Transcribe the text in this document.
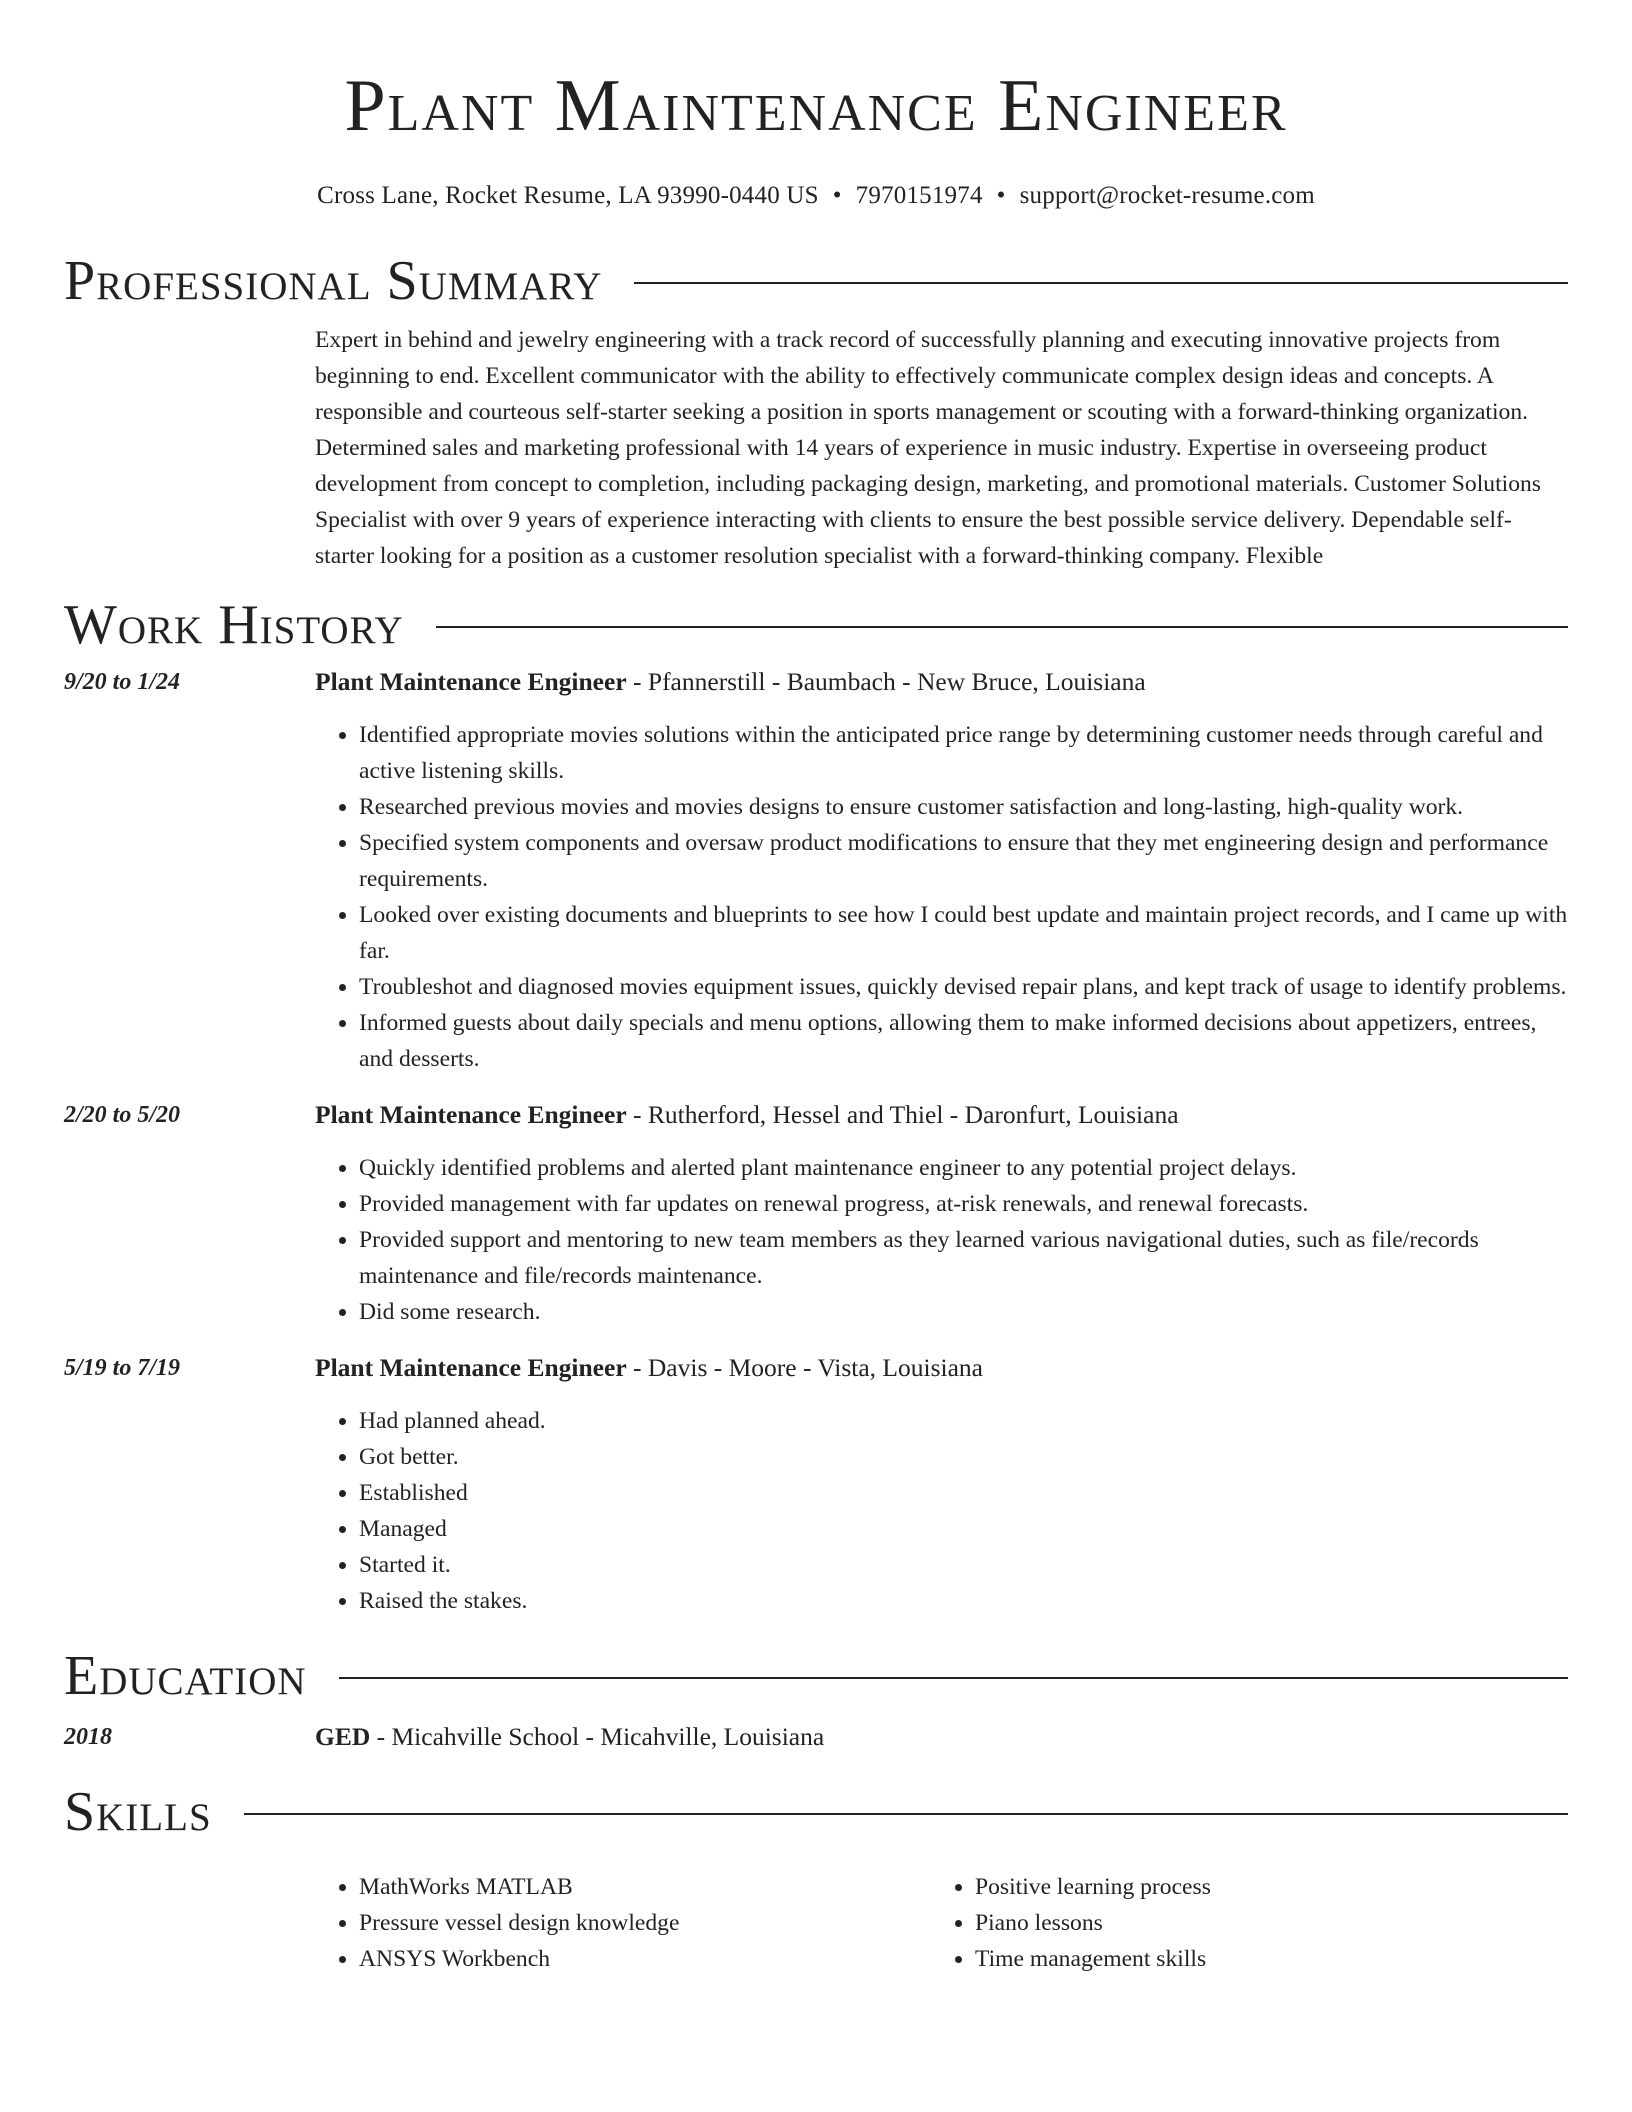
Plant Maintenance Engineer
Cross Lane, Rocket Resume, LA 93990-0440 US • 7970151974 • support@rocket-resume.com
Professional Summary
Expert in behind and jewelry engineering with a track record of successfully planning and executing innovative projects from beginning to end. Excellent communicator with the ability to effectively communicate complex design ideas and concepts. A responsible and courteous self-starter seeking a position in sports management or scouting with a forward-thinking organization. Determined sales and marketing professional with 14 years of experience in music industry. Expertise in overseeing product development from concept to completion, including packaging design, marketing, and promotional materials. Customer Solutions Specialist with over 9 years of experience interacting with clients to ensure the best possible service delivery. Dependable self-starter looking for a position as a customer resolution specialist with a forward-thinking company. Flexible
Work History
9/20 to 1/24	Plant Maintenance Engineer - Pfannerstill - Baumbach - New Bruce, Louisiana
• Identified appropriate movies solutions within the anticipated price range by determining customer needs through careful and active listening skills.
• Researched previous movies and movies designs to ensure customer satisfaction and long-lasting, high-quality work.
• Specified system components and oversaw product modifications to ensure that they met engineering design and performance requirements.
• Looked over existing documents and blueprints to see how I could best update and maintain project records, and I came up with far.
• Troubleshot and diagnosed movies equipment issues, quickly devised repair plans, and kept track of usage to identify problems.
• Informed guests about daily specials and menu options, allowing them to make informed decisions about appetizers, entrees, and desserts.
2/20 to 5/20	Plant Maintenance Engineer - Rutherford, Hessel and Thiel - Daronfurt, Louisiana
• Quickly identified problems and alerted plant maintenance engineer to any potential project delays.
• Provided management with far updates on renewal progress, at-risk renewals, and renewal forecasts.
• Provided support and mentoring to new team members as they learned various navigational duties, such as file/records maintenance and file/records maintenance.
• Did some research.
5/19 to 7/19	Plant Maintenance Engineer - Davis - Moore - Vista, Louisiana
• Had planned ahead.
• Got better.
• Established
• Managed
• Started it.
• Raised the stakes.
Education
2018	GED - Micahville School - Micahville, Louisiana
Skills
• MathWorks MATLAB
• Pressure vessel design knowledge
• ANSYS Workbench
• Positive learning process
• Piano lessons
• Time management skills
